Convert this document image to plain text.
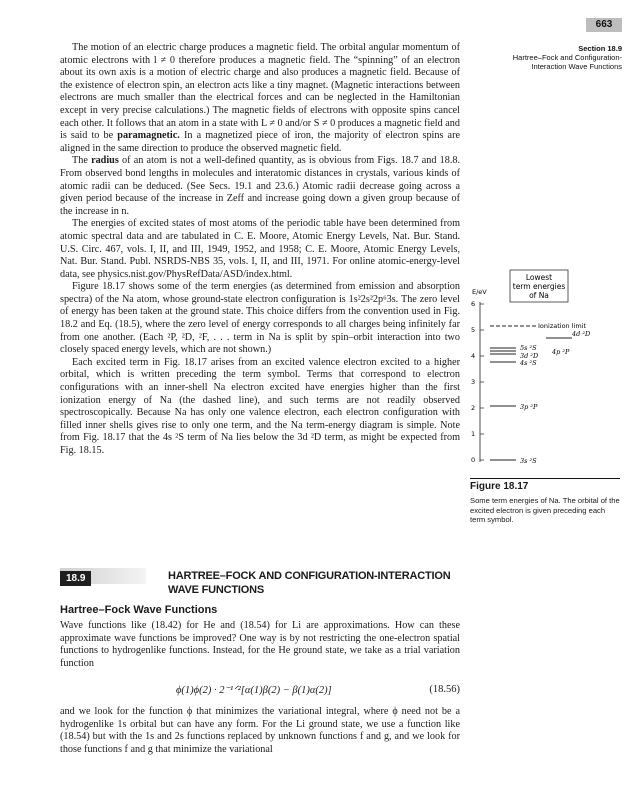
663
Section 18.9
Hartree–Fock and Configuration-
Interaction Wave Functions

The motion of an electric charge produces a magnetic field. The orbital angular momentum of atomic electrons with l ≠ 0 therefore produces a magnetic field. The “spinning” of an electron about its own axis is a motion of electric charge and also produces a magnetic field. Because of the existence of electron spin, an electron acts like a tiny magnet. (Magnetic interactions between electrons are much smaller than the electrical forces and can be neglected in the Hamiltonian except in very precise calculations.) The magnetic fields of electrons with opposite spins cancel each other. It follows that an atom in a state with L ≠ 0 and/or S ≠ 0 produces a magnetic field and is said to be paramagnetic. In a magnetized piece of iron, the majority of electron spins are aligned in the same direction to produce the observed magnetic field.

The radius of an atom is not a well-defined quantity, as is obvious from Figs. 18.7 and 18.8. From observed bond lengths in molecules and interatomic distances in crystals, various kinds of atomic radii can be deduced. (See Secs. 19.1 and 23.6.) Atomic radii decrease going across a given period because of the increase in Zeff and increase going down a given group because of the increase in n.

The energies of excited states of most atoms of the periodic table have been determined from atomic spectral data and are tabulated in C. E. Moore, Atomic Energy Levels, Nat. Bur. Stand. U.S. Circ. 467, vols. I, II, and III, 1949, 1952, and 1958; C. E. Moore, Atomic Energy Levels, Nat. Bur. Stand. Publ. NSRDS-NBS 35, vols. I, II, and III, 1971. For online atomic-energy-level data, see physics.nist.gov/PhysRefData/ASD/index.html.

Figure 18.17 shows some of the term energies (as determined from emission and absorption spectra) of the Na atom, whose ground-state electron configuration is 1s²2s²2p⁶3s. The zero level of energy has been taken at the ground state. This choice differs from the convention used in Fig. 18.2 and Eq. (18.5), where the zero level of energy corresponds to all charges being infinitely far from one another. (Each ²P, ²D, ²F, . . . term in Na is split by spin–orbit interaction into two closely spaced energy levels, which are not shown.)

Each excited term in Fig. 18.17 arises from an excited valence electron excited to a higher orbital, which is written preceding the term symbol. Terms that correspond to electron configurations with an inner-shell Na electron excited have energies higher than the first ionization energy of Na (the dashed line), and such terms are not readily observed spectroscopically. Because Na has only one valence electron, each electron configuration with filled inner shells gives rise to only one term, and the Na term-energy diagram is simple. Note from Fig. 18.17 that the 4s ²S term of Na lies below the 3d ²D term, as might be expected from Fig. 18.15.

Lowest
term energies
of Na
E/eV
6
5
4
3
2
1
0
Ionization limit
4d ²D
5s ²S
3d ²D 4p ²P
4s ²S
3p ²P
3s ²S
Figure 18.17
Some term energies of Na. The orbital of the excited electron is given preceding each term symbol.
18.9	HARTREE–FOCK AND CONFIGURATION-INTERACTION
WAVE FUNCTIONS
Hartree–Fock Wave Functions
Wave functions like (18.42) for He and (18.54) for Li are approximations. How can these approximate wave functions be improved? One way is by not restricting the one-electron spatial functions to hydrogenlike functions. Instead, for the He ground state, we take as a trial variation function
ϕ(1)ϕ(2) · 2⁻¹ᐟ²[α(1)β(2) − β(1)α(2)]	(18.56)
and we look for the function ϕ that minimizes the variational integral, where ϕ need not be a hydrogenlike 1s orbital but can have any form. For the Li ground state, we use a function like (18.54) but with the 1s and 2s functions replaced by unknown functions f and g, and we look for those functions f and g that minimize the variational
